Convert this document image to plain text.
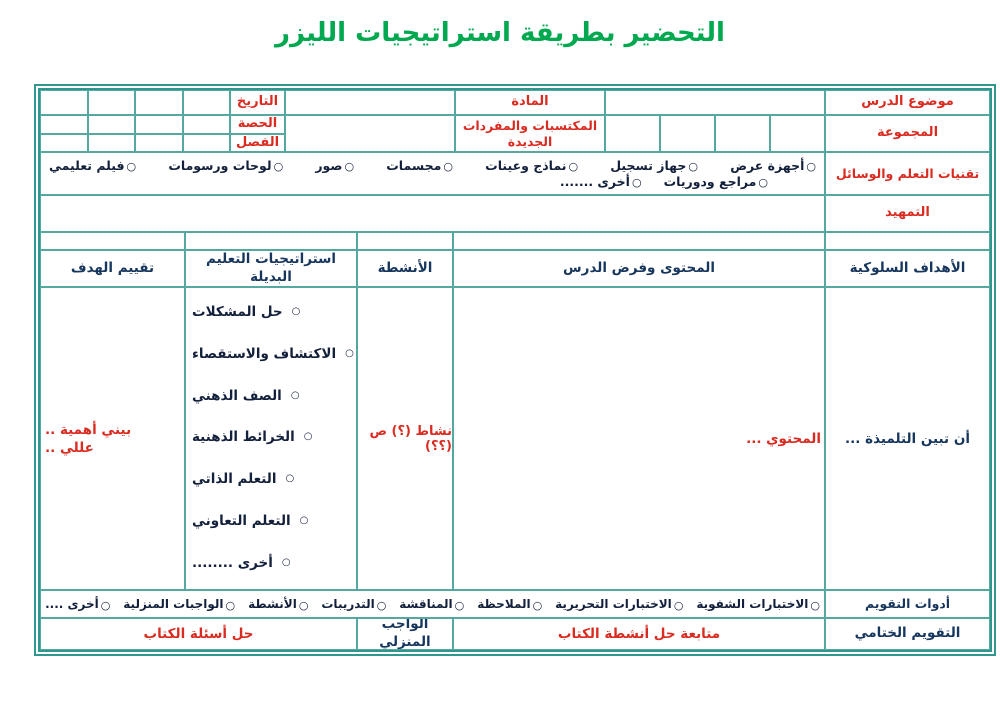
التحضير بطريقة استراتيجيات الليزر
موضوع الدرس
المادة
التاريخ
المجموعة
المكتسبات والمفردات الجديدة
الحصة
الفصل
تقنيات التعلم والوسائل
○
أجهزة عرض
○
جهاز تسجيل
○
نماذج وعينات
○
مجسمات
○
صور
○
لوحات ورسومات
○
فيلم تعليمي
○
مراجع ودوريات
○
أخرى .......
التمهيد
الأهداف السلوكية
المحتوى وفرض الدرس
الأنشطة
استراتيجيات التعليم البديلة
تقييم الهدف
أن تبين التلميذة ...
المحتوي ...
نشاط (؟) ص (؟؟)
○
حل المشكلات
○
الاكتشاف والاستقصاء
○
الصف الذهني
○
الخرائط الذهنية
○
التعلم الذاتي
○
التعلم التعاوني
○
أخرى ........
بيني أهمية ..
عللي ..
أدوات التقويم
○
الاختبارات الشفوية
○
الاختبارات التحريرية
○
الملاحظة
○
المناقشة
○
التدريبات
○
الأنشطة
○
الواجبات المنزلية
○
أخرى ....
التقويم الختامي
متابعة حل أنشطة الكتاب
الواجب المنزلي
حل أسئلة الكتاب
